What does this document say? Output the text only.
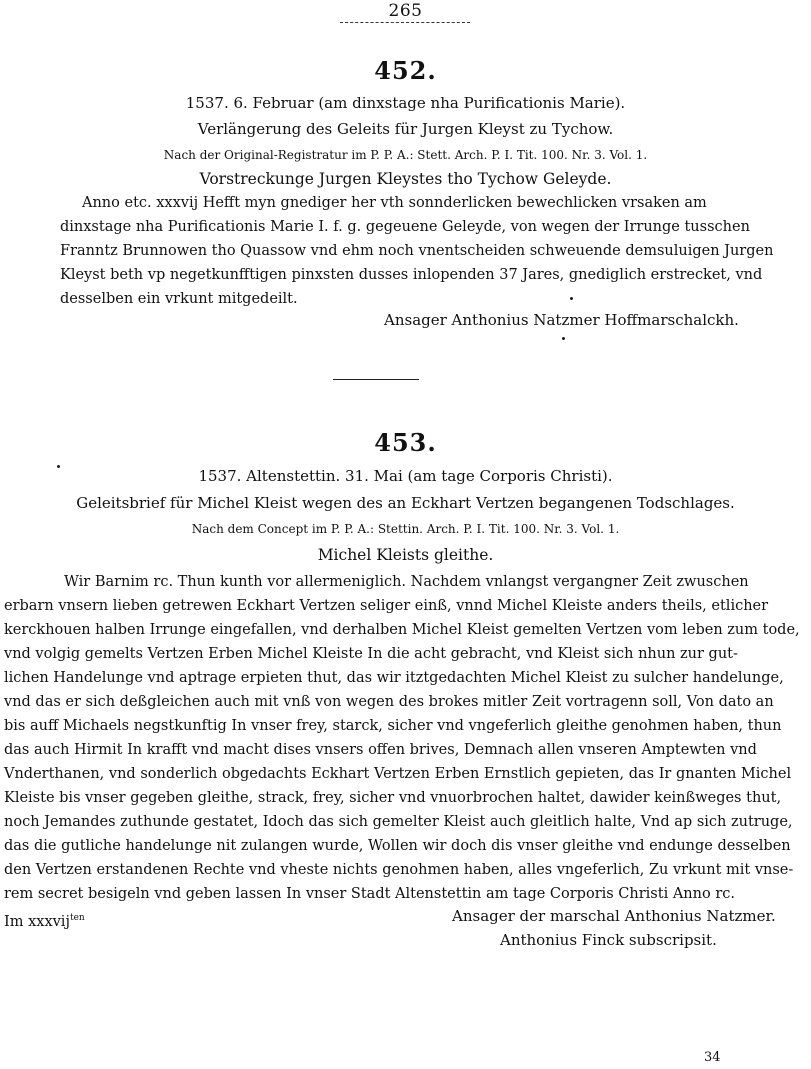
265
452.
1537. 6. Februar (am dinxstage nha Purificationis Marie).
Verlängerung des Geleits für Jurgen Kleyst zu Tychow.
Nach der Original-Registratur im P. P. A.: Stett. Arch. P. I. Tit. 100. Nr. 3. Vol. 1.
Vorstreckunge Jurgen Kleystes tho Tychow Geleyde.
Anno etc. xxxvij Hefft myn gnediger her vth sonnderlicken bewechlicken vrsaken am
dinxstage nha Purificationis Marie I. f. g. gegeuene Geleyde, von wegen der Irrunge tusschen
Franntz Brunnowen tho Quassow vnd ehm noch vnentscheiden schweuende demsuluigen Jurgen
Kleyst beth vp negetkunfftigen pinxsten dusses inlopenden 37 Jares, gnediglich erstrecket, vnd
desselben ein vrkunt mitgedeilt.
Ansager Anthonius Natzmer Hoffmarschalckh.
453.
1537. Altenstettin. 31. Mai (am tage Corporis Christi).
Geleitsbrief für Michel Kleist wegen des an Eckhart Vertzen begangenen Todschlages.
Nach dem Concept im P. P. A.: Stettin. Arch. P. I. Tit. 100. Nr. 3. Vol. 1.
Michel Kleists gleithe.
Wir Barnim rc. Thun kunth vor allermeniglich. Nachdem vnlangst vergangner Zeit zwuschen
erbarn vnsern lieben getrewen Eckhart Vertzen seliger einß, vnnd Michel Kleiste anders theils, etlicher
kerckhouen halben Irrunge eingefallen, vnd derhalben Michel Kleist gemelten Vertzen vom leben zum tode,
vnd volgig gemelts Vertzen Erben Michel Kleiste In die acht gebracht, vnd Kleist sich nhun zur gut-
lichen Handelunge vnd aptrage erpieten thut, das wir itztgedachten Michel Kleist zu sulcher handelunge,
vnd das er sich deßgleichen auch mit vnß von wegen des brokes mitler Zeit vortragenn soll, Von dato an
bis auff Michaels negstkunftig In vnser frey, starck, sicher vnd vngeferlich gleithe genohmen haben, thun
das auch Hirmit In krafft vnd macht dises vnsers offen brives, Demnach allen vnseren Amptewten vnd
Vnderthanen, vnd sonderlich obgedachts Eckhart Vertzen Erben Ernstlich gepieten, das Ir gnanten Michel
Kleiste bis vnser gegeben gleithe, strack, frey, sicher vnd vnuorbrochen haltet, dawider keinßweges thut,
noch Jemandes zuthunde gestatet, Idoch das sich gemelter Kleist auch gleitlich halte, Vnd ap sich zutruge,
das die gutliche handelunge nit zulangen wurde, Wollen wir doch dis vnser gleithe vnd endunge desselben
den Vertzen erstandenen Rechte vnd vheste nichts genohmen haben, alles vngeferlich, Zu vrkunt mit vnse-
rem secret besigeln vnd geben lassen In vnser Stadt Altenstettin am tage Corporis Christi Anno rc.
Im xxxvij$^{ten}$	Ansager der marschal Anthonius Natzmer.
Anthonius Finck subscripsit.
34
